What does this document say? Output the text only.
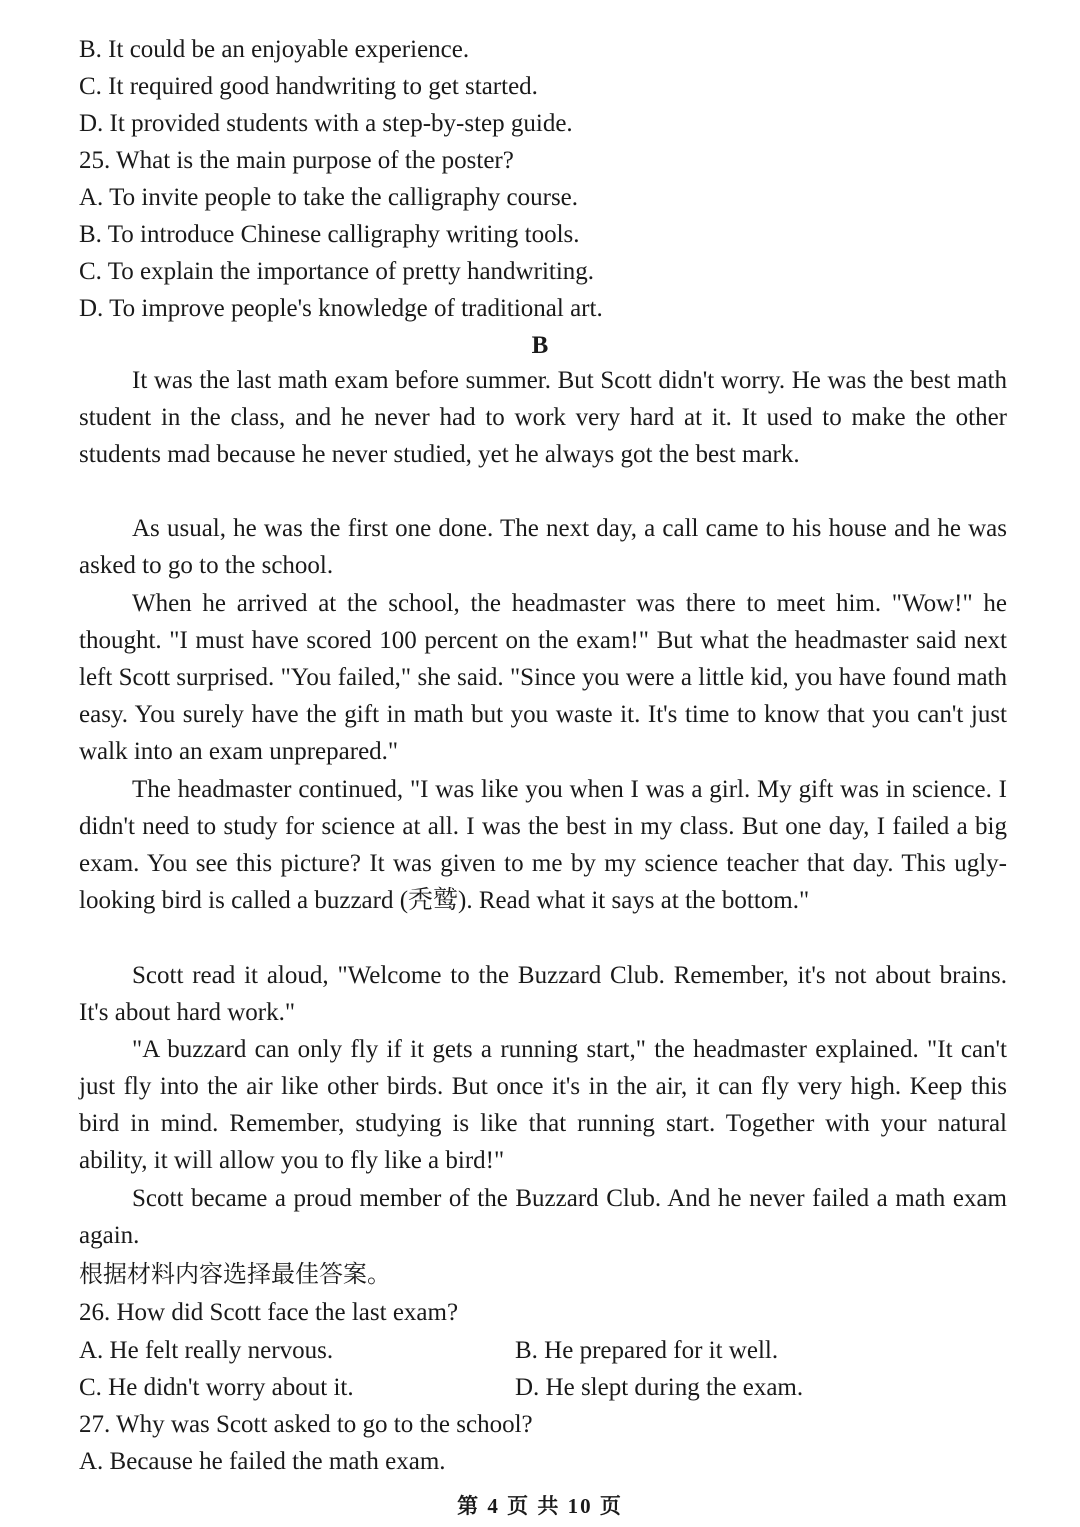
B. It could be an enjoyable experience.
C. It required good handwriting to get started.
D. It provided students with a step-by-step guide.
25. What is the main purpose of the poster?
A. To invite people to take the calligraphy course.
B. To introduce Chinese calligraphy writing tools.
C. To explain the importance of pretty handwriting.
D. To improve people's knowledge of traditional art.
B
It was the last math exam before summer. But Scott didn't worry. He was the best math student in the class, and he never had to work very hard at it. It used to make the other students mad because he never studied, yet he always got the best mark.
As usual, he was the first one done. The next day, a call came to his house and he was asked to go to the school.
When he arrived at the school, the headmaster was there to meet him. "Wow!" he thought. "I must have scored 100 percent on the exam!" But what the headmaster said next left Scott surprised. "You failed," she said. "Since you were a little kid, you have found math easy. You surely have the gift in math but you waste it. It's time to know that you can't just walk into an exam unprepared."
The headmaster continued, "I was like you when I was a girl. My gift was in science. I didn't need to study for science at all. I was the best in my class. But one day, I failed a big exam. You see this picture? It was given to me by my science teacher that day. This ugly-looking bird is called a buzzard (秃鹫). Read what it says at the bottom."
Scott read it aloud, "Welcome to the Buzzard Club. Remember, it's not about brains. It's about hard work."
"A buzzard can only fly if it gets a running start," the headmaster explained. "It can't just fly into the air like other birds. But once it's in the air, it can fly very high. Keep this bird in mind. Remember, studying is like that running start. Together with your natural ability, it will allow you to fly like a bird!"
Scott became a proud member of the Buzzard Club. And he never failed a math exam again.
根据材料内容选择最佳答案。
26. How did Scott face the last exam?
A. He felt really nervous.	B. He prepared for it well.
C. He didn't worry about it.	D. He slept during the exam.
27. Why was Scott asked to go to the school?
A. Because he failed the math exam.
第 4 页 共 10 页
